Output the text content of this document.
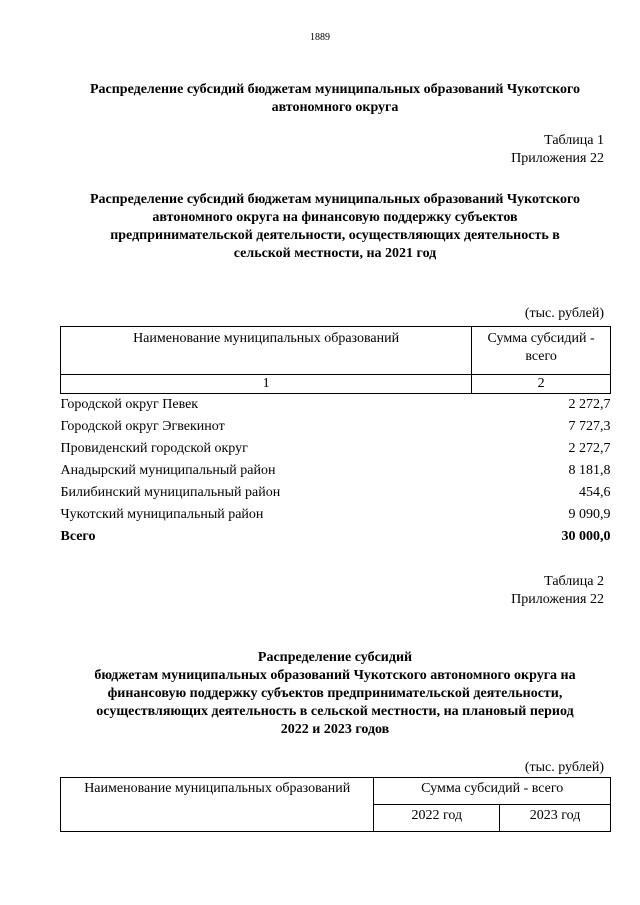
1889
Распределение субсидий бюджетам муниципальных образований Чукотского
автономного округа
Таблица 1
Приложения 22
Распределение субсидий бюджетам муниципальных образований Чукотского
автономного округа на финансовую поддержку субъектов
предпринимательской деятельности, осуществляющих деятельность в
сельской местности, на 2021 год
(тыс. рублей)
Наименование муниципальных образований	Сумма субсидий -
всего

1	2
Городской округ Певек	2 272,7
Городской округ Эгвекинот	7 727,3
Провиденский городской округ	2 272,7
Анадырский муниципальный район	8 181,8
Билибинский муниципальный район	454,6
Чукотский муниципальный район	9 090,9
Всего	30 000,0
Таблица 2
Приложения 22
Распределение субсидий
бюджетам муниципальных образований Чукотского автономного округа на
финансовую поддержку субъектов предпринимательской деятельности,
осуществляющих деятельность в сельской местности, на плановый период
2022 и 2023 годов
(тыс. рублей)
Наименование муниципальных образований	Сумма субсидий - всего	
	2022 год	2023 год
